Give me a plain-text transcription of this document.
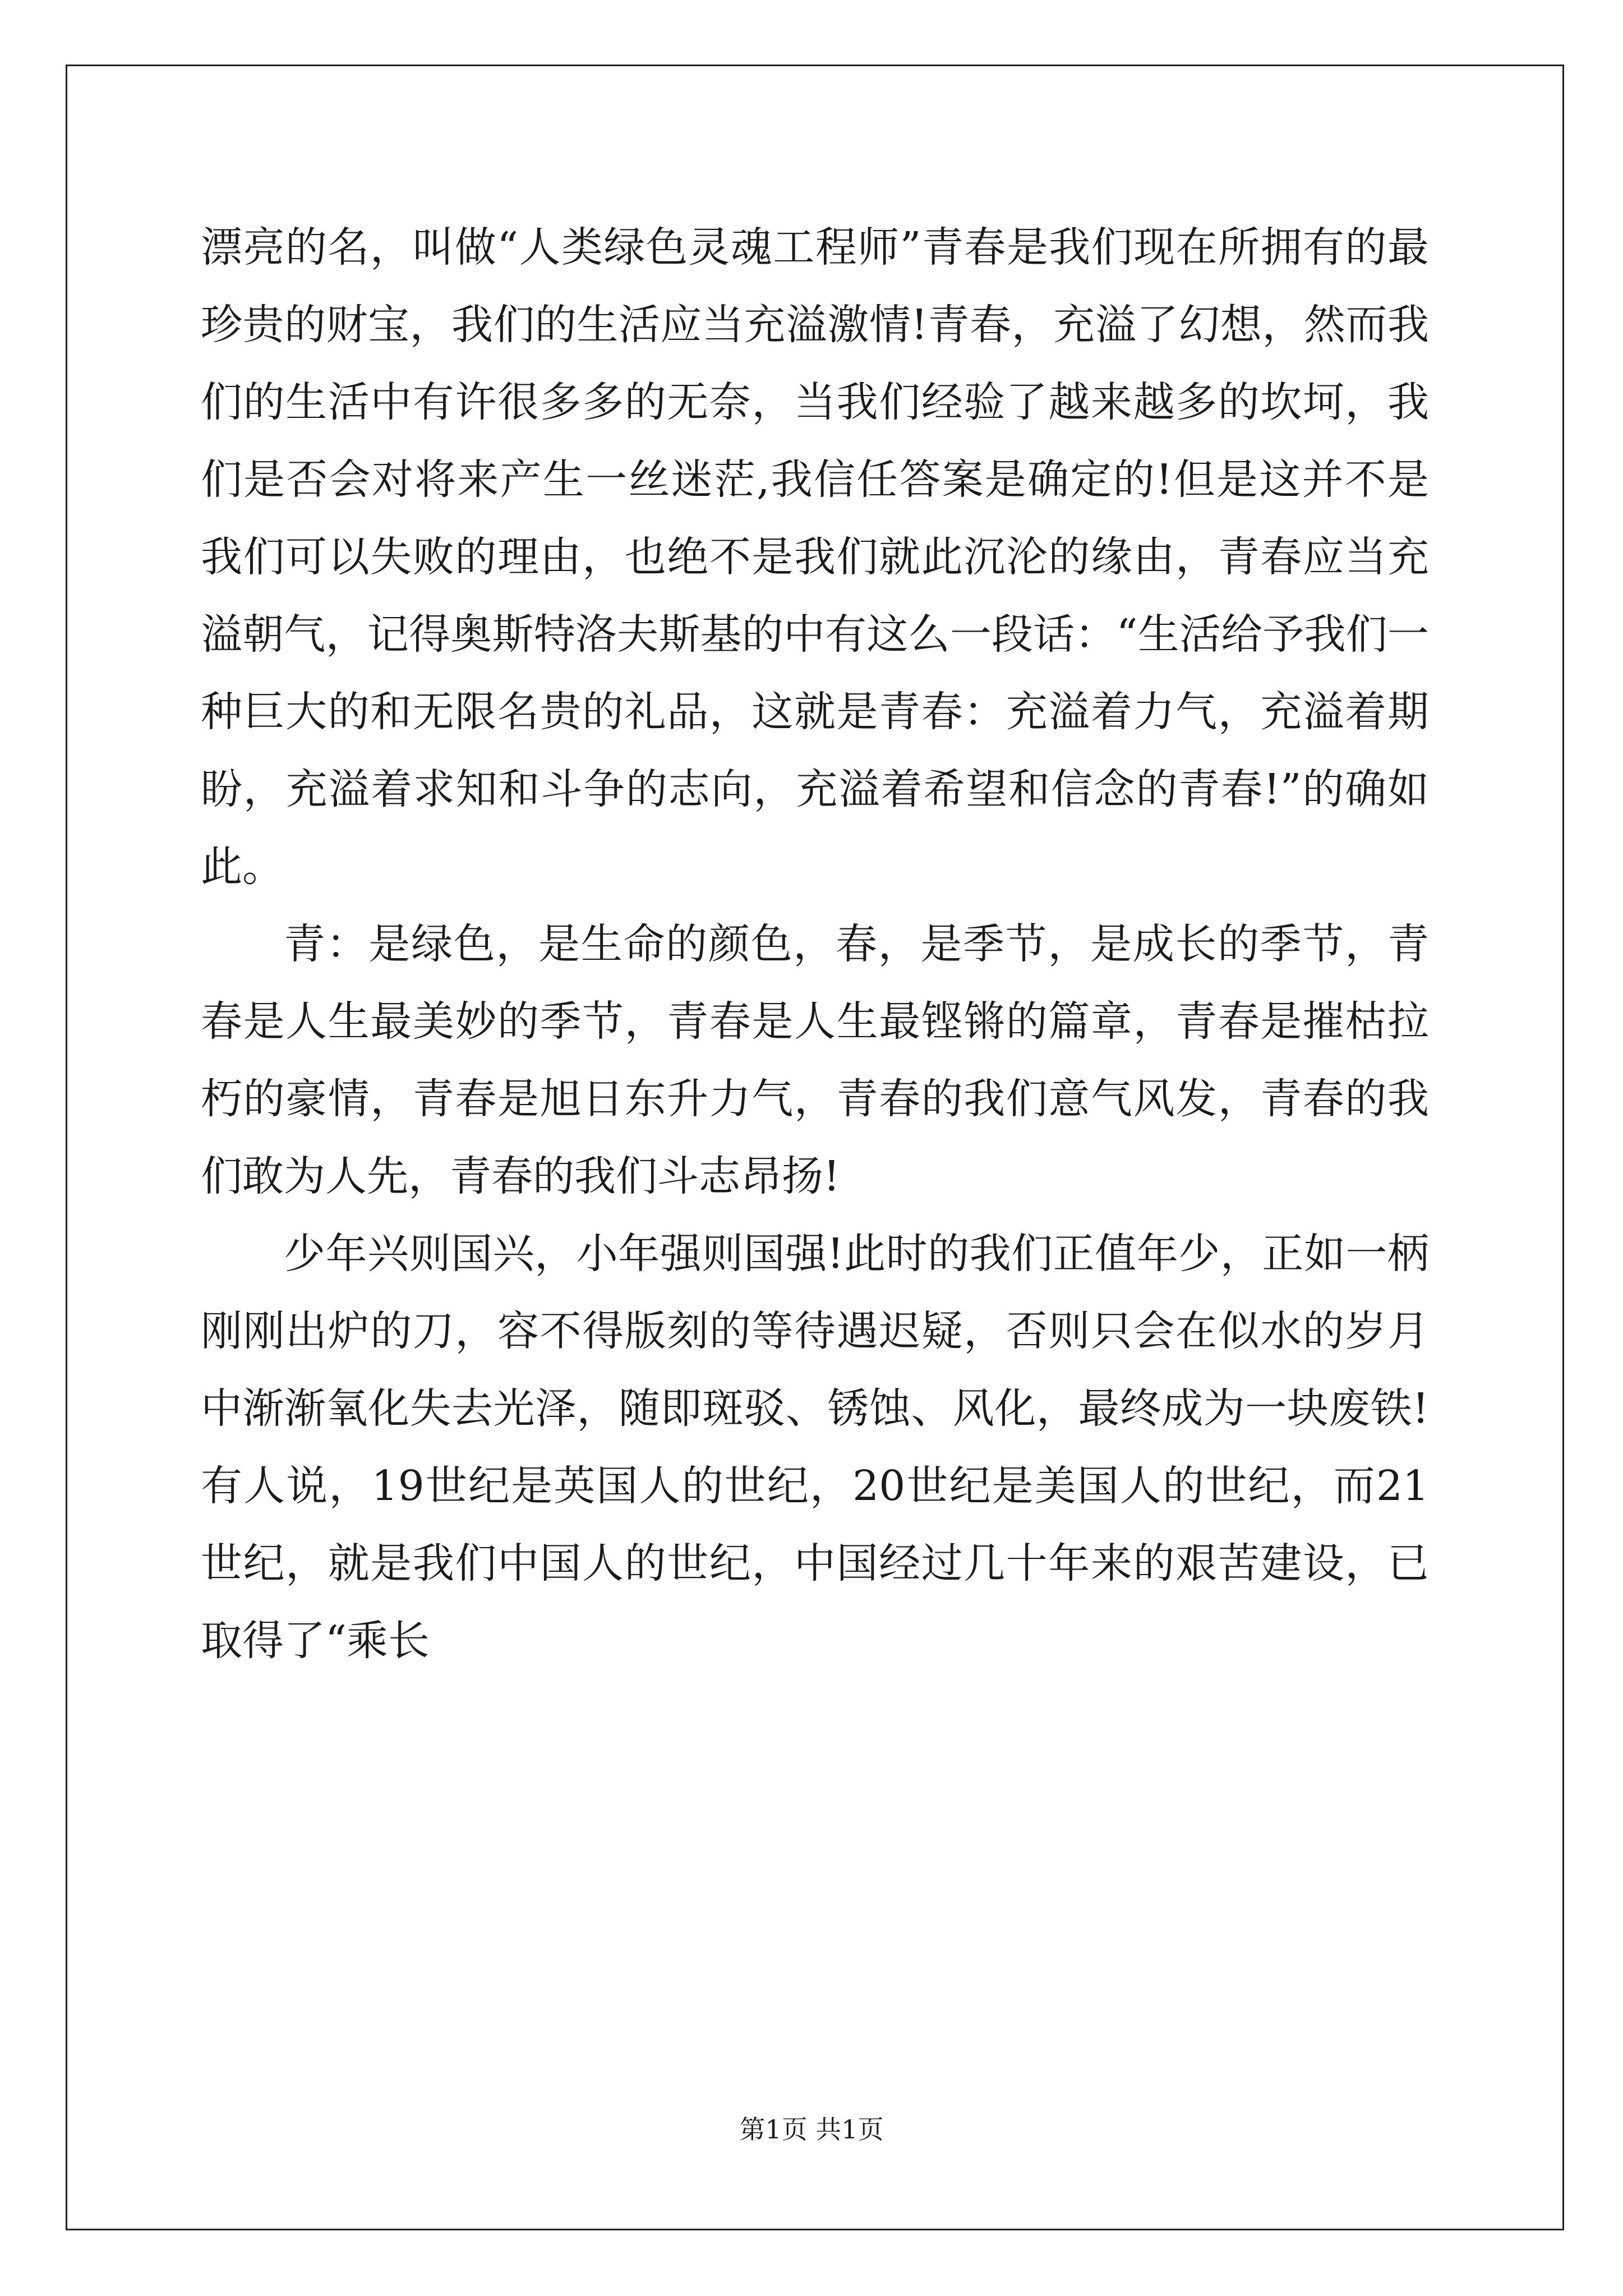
漂亮的名，叫做“人类绿色灵魂工程师”青春是我们现在所拥有的最珍贵的财宝，我们的生活应当充溢激情!青春，充溢了幻想，然而我们的生活中有许很多多的无奈，当我们经验了越来越多的坎坷，我们是否会对将来产生一丝迷茫,我信任答案是确定的!但是这并不是我们可以失败的理由，也绝不是我们就此沉沦的缘由，青春应当充溢朝气，记得奥斯特洛夫斯基的中有这么一段话：“生活给予我们一种巨大的和无限名贵的礼品，这就是青春：充溢着力气，充溢着期盼，充溢着求知和斗争的志向，充溢着希望和信念的青春!”的确如此。

青：是绿色，是生命的颜色，春，是季节，是成长的季节，青春是人生最美妙的季节，青春是人生最铿锵的篇章，青春是摧枯拉朽的豪情，青春是旭日东升力气，青春的我们意气风发，青春的我们敢为人先，青春的我们斗志昂扬!

少年兴则国兴，小年强则国强!此时的我们正值年少，正如一柄刚刚出炉的刀，容不得版刻的等待遇迟疑，否则只会在似水的岁月中渐渐氧化失去光泽，随即斑驳、锈蚀、风化，最终成为一块废铁!有人说，19世纪是英国人的世纪，20世纪是美国人的世纪，而21世纪，就是我们中国人的世纪，中国经过几十年来的艰苦建设，已取得了“乘长

第1页 共1页
